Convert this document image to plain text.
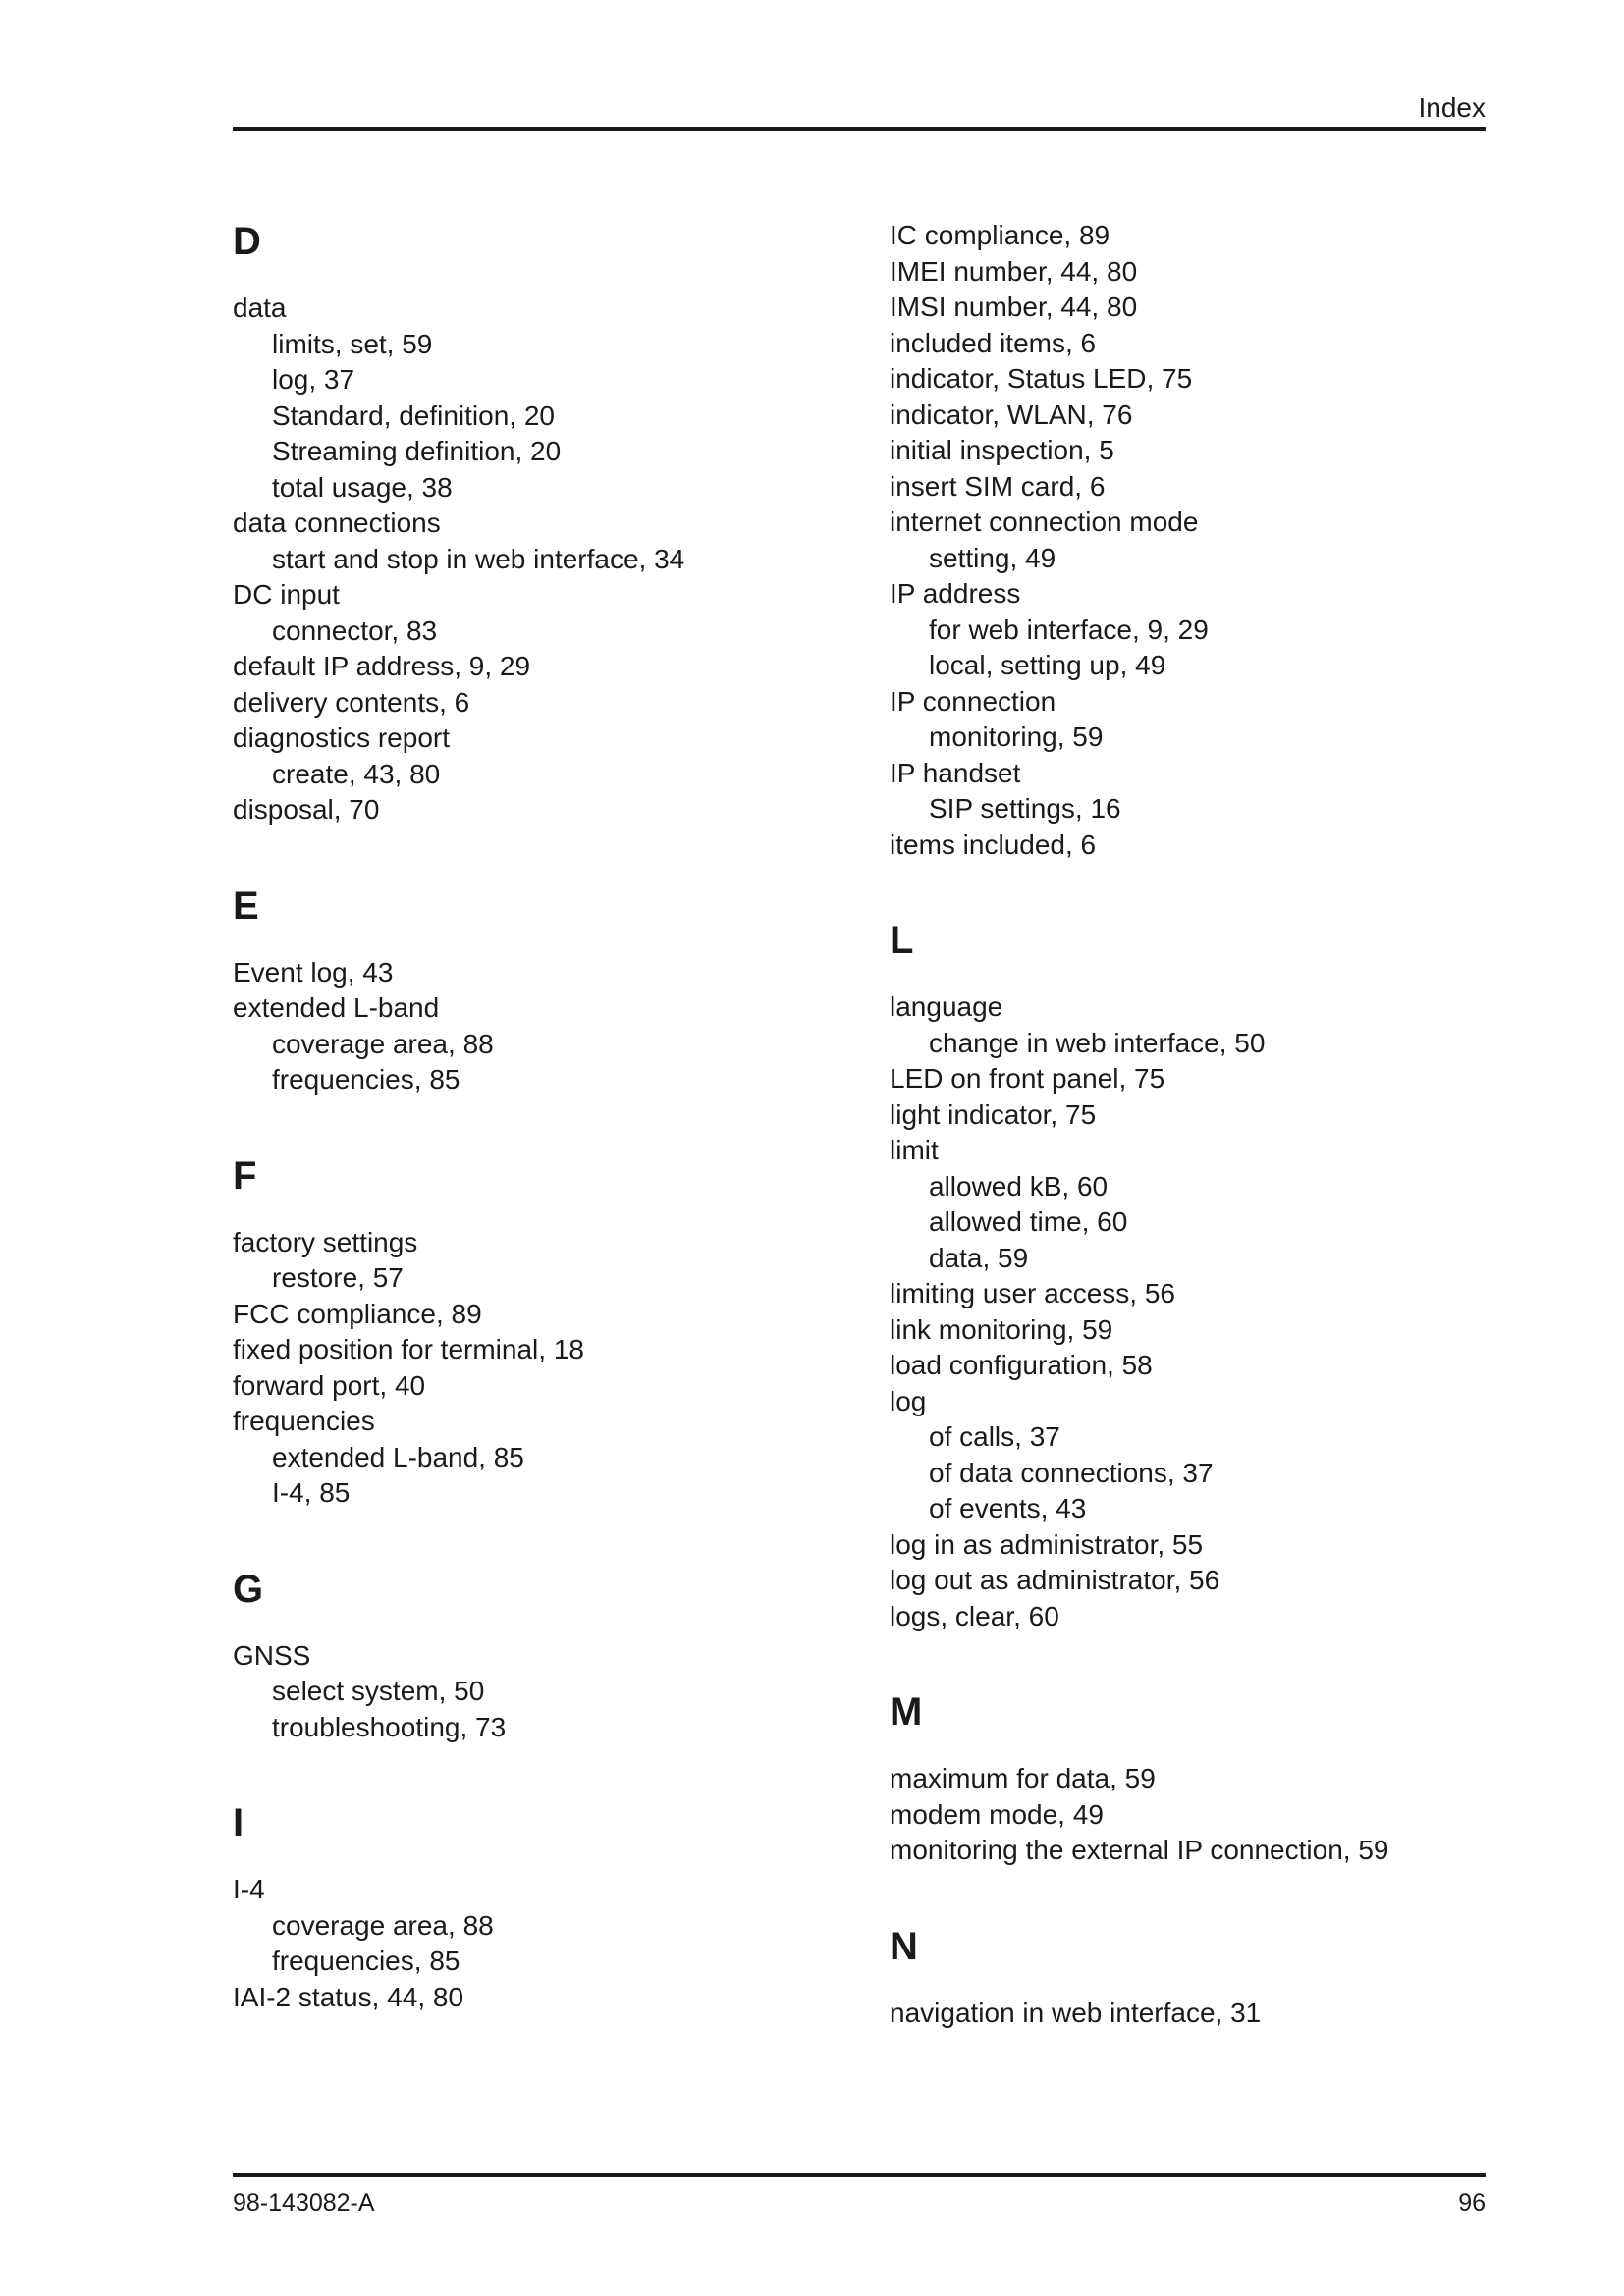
Index
D
data
limits, set, 59
log, 37
Standard, definition, 20
Streaming definition, 20
total usage, 38
data connections
start and stop in web interface, 34
DC input
connector, 83
default IP address, 9, 29
delivery contents, 6
diagnostics report
create, 43, 80
disposal, 70
E
Event log, 43
extended L-band
coverage area, 88
frequencies, 85
F
factory settings
restore, 57
FCC compliance, 89
fixed position for terminal, 18
forward port, 40
frequencies
extended L-band, 85
I-4, 85
G
GNSS
select system, 50
troubleshooting, 73
I
I-4
coverage area, 88
frequencies, 85
IAI-2 status, 44, 80
IC compliance, 89
IMEI number, 44, 80
IMSI number, 44, 80
included items, 6
indicator, Status LED, 75
indicator, WLAN, 76
initial inspection, 5
insert SIM card, 6
internet connection mode
setting, 49
IP address
for web interface, 9, 29
local, setting up, 49
IP connection
monitoring, 59
IP handset
SIP settings, 16
items included, 6
L
language
change in web interface, 50
LED on front panel, 75
light indicator, 75
limit
allowed kB, 60
allowed time, 60
data, 59
limiting user access, 56
link monitoring, 59
load configuration, 58
log
of calls, 37
of data connections, 37
of events, 43
log in as administrator, 55
log out as administrator, 56
logs, clear, 60
M
maximum for data, 59
modem mode, 49
monitoring the external IP connection, 59
N
navigation in web interface, 31
98-143082-A	96
